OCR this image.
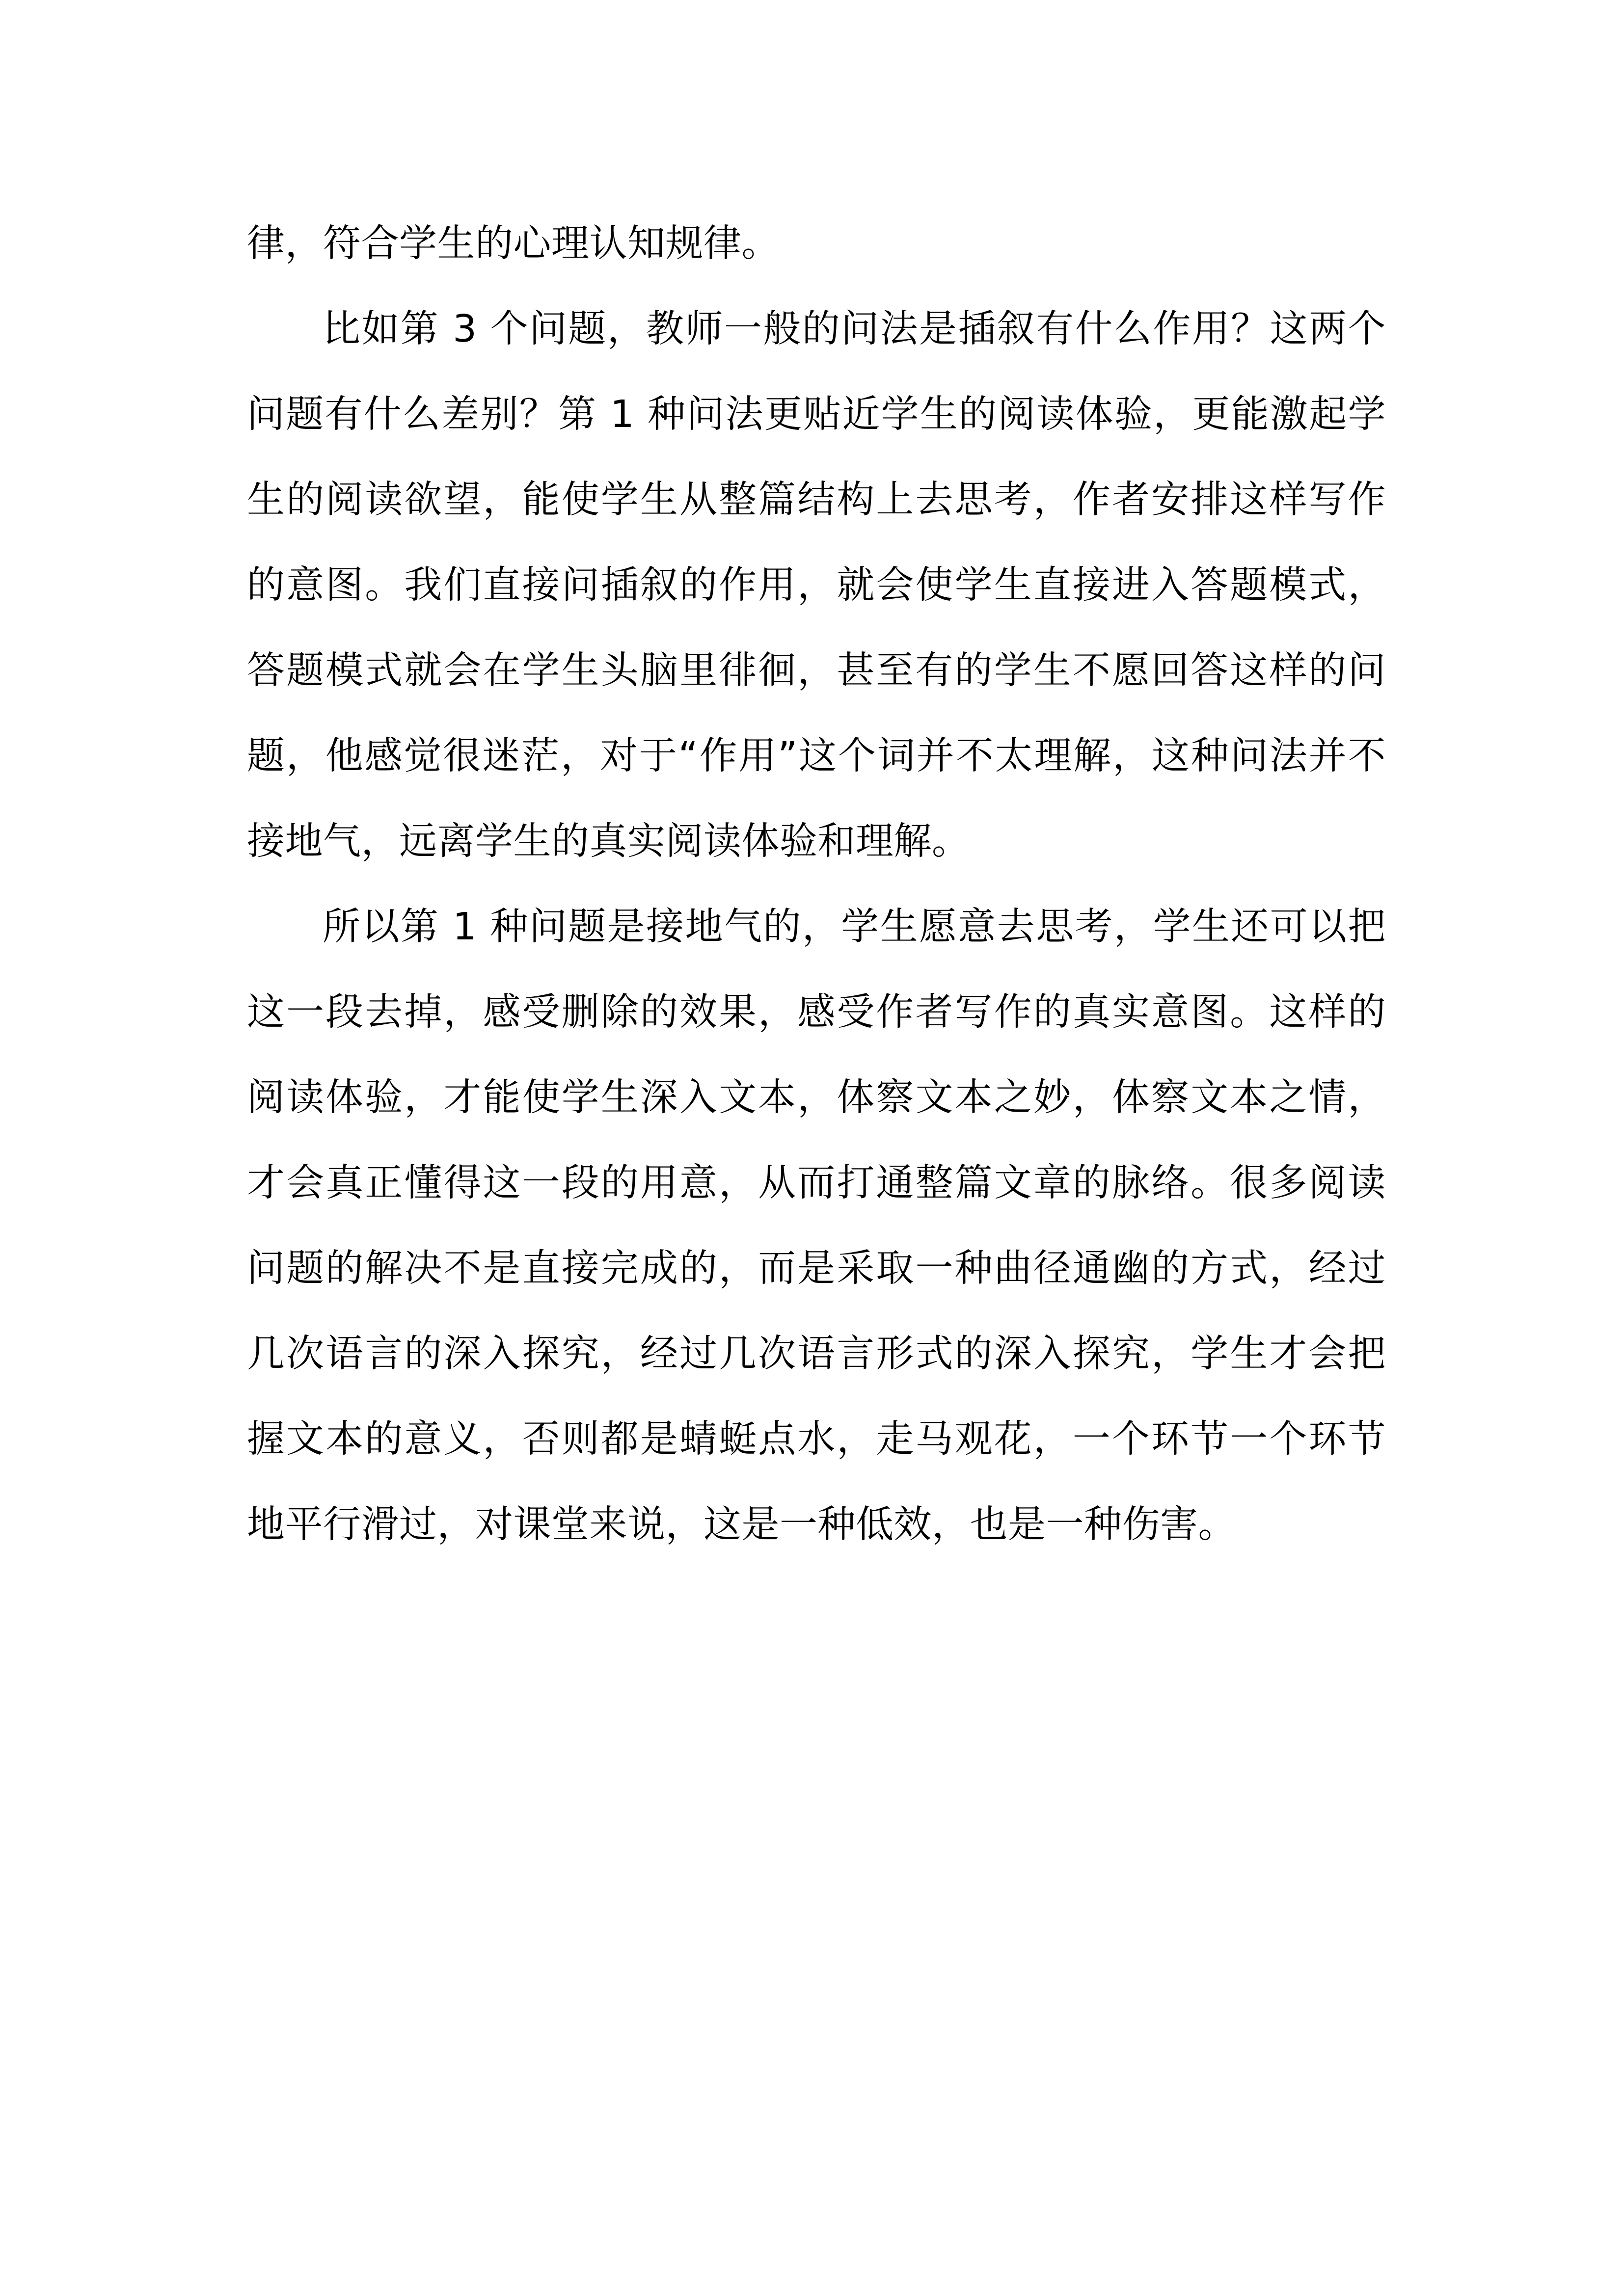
律，符合学生的心理认知规律。

比如第 3 个问题，教师一般的问法是插叙有什么作用？这两个问题有什么差别？第 1 种问法更贴近学生的阅读体验，更能激起学生的阅读欲望，能使学生从整篇结构上去思考，作者安排这样写作的意图。我们直接问插叙的作用，就会使学生直接进入答题模式，答题模式就会在学生头脑里徘徊，甚至有的学生不愿回答这样的问题，他感觉很迷茫，对于“作用”这个词并不太理解，这种问法并不接地气，远离学生的真实阅读体验和理解。

所以第 1 种问题是接地气的，学生愿意去思考，学生还可以把这一段去掉，感受删除的效果，感受作者写作的真实意图。这样的阅读体验，才能使学生深入文本，体察文本之妙，体察文本之情，才会真正懂得这一段的用意，从而打通整篇文章的脉络。很多阅读问题的解决不是直接完成的，而是采取一种曲径通幽的方式，经过几次语言的深入探究，经过几次语言形式的深入探究，学生才会把握文本的意义，否则都是蜻蜓点水，走马观花，一个环节一个环节地平行滑过，对课堂来说，这是一种低效，也是一种伤害。
